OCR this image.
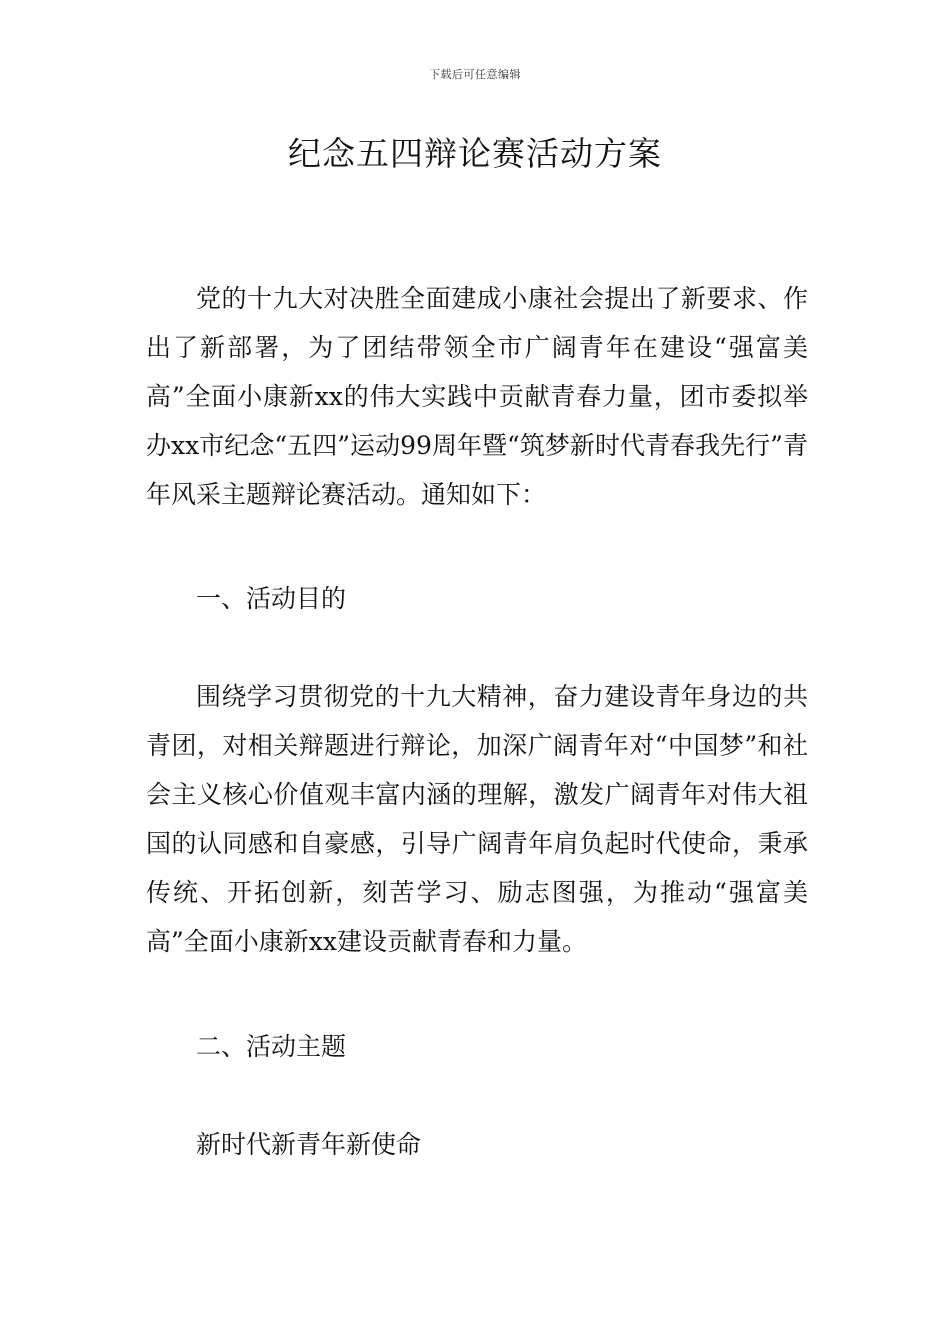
下载后可任意编辑
纪念五四辩论赛活动方案

党的十九大对决胜全面建成小康社会提出了新要求、作出了新部署，为了团结带领全市广阔青年在建设“强富美高”全面小康新xx的伟大实践中贡献青春力量，团市委拟举办xx市纪念“五四”运动99周年暨“筑梦新时代青春我先行”青年风采主题辩论赛活动。通知如下：

一、活动目的

围绕学习贯彻党的十九大精神，奋力建设青年身边的共青团，对相关辩题进行辩论，加深广阔青年对“中国梦”和社会主义核心价值观丰富内涵的理解，激发广阔青年对伟大祖国的认同感和自豪感，引导广阔青年肩负起时代使命，秉承传统、开拓创新，刻苦学习、励志图强，为推动“强富美高”全面小康新xx建设贡献青春和力量。

二、活动主题

新时代新青年新使命
